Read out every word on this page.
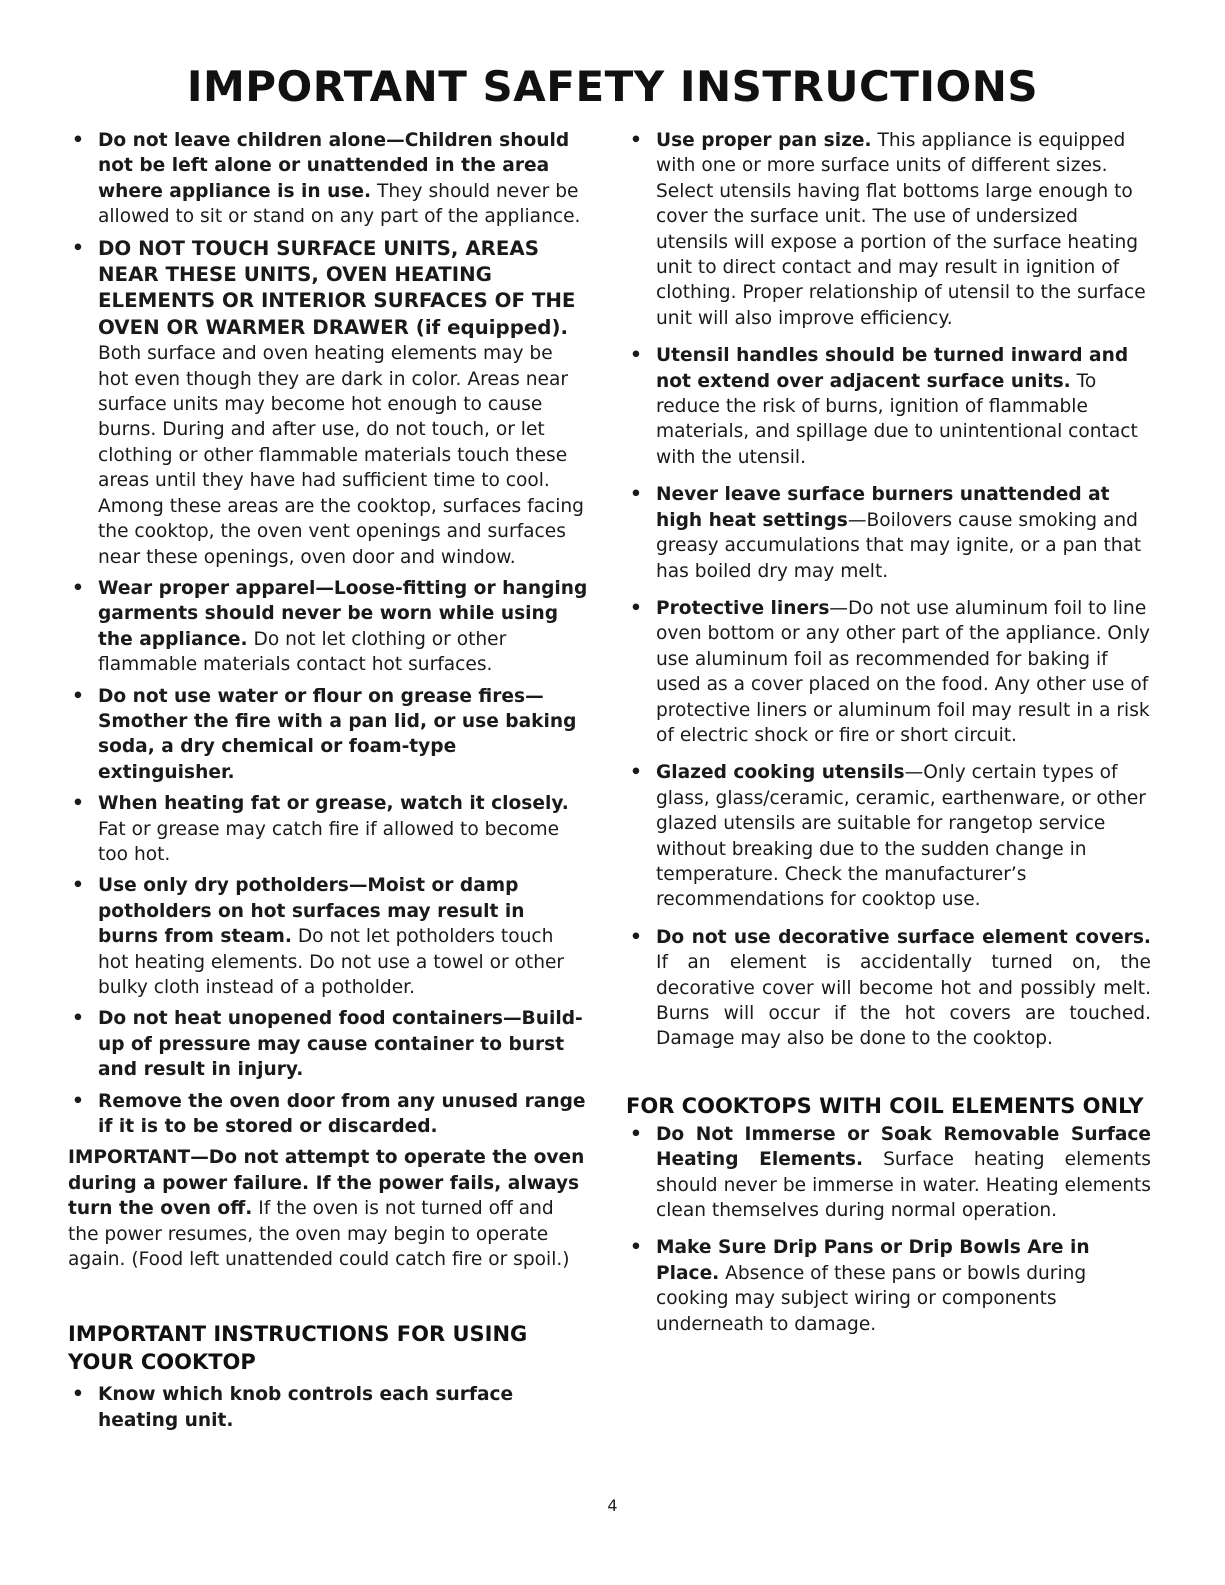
IMPORTANT SAFETY INSTRUCTIONS
• Do not leave children alone—Children should not be left alone or unattended in the area where appliance is in use. They should never be allowed to sit or stand on any part of the appliance.
• DO NOT TOUCH SURFACE UNITS, AREAS NEAR THESE UNITS, OVEN HEATING ELEMENTS OR INTERIOR SURFACES OF THE OVEN OR WARMER DRAWER (if equipped). Both surface and oven heating elements may be hot even though they are dark in color. Areas near surface units may become hot enough to cause burns. During and after use, do not touch, or let clothing or other flammable materials touch these areas until they have had sufficient time to cool. Among these areas are the cooktop, surfaces facing the cooktop, the oven vent openings and surfaces near these openings, oven door and window.
• Wear proper apparel—Loose-fitting or hanging garments should never be worn while using the appliance. Do not let clothing or other flammable materials contact hot surfaces.
• Do not use water or flour on grease fires—Smother the fire with a pan lid, or use baking soda, a dry chemical or foam-type extinguisher.
• When heating fat or grease, watch it closely. Fat or grease may catch fire if allowed to become too hot.
• Use only dry potholders—Moist or damp potholders on hot surfaces may result in burns from steam. Do not let potholders touch hot heating elements. Do not use a towel or other bulky cloth instead of a potholder.
• Do not heat unopened food containers—Build-up of pressure may cause container to burst and result in injury.
• Remove the oven door from any unused range if it is to be stored or discarded.

IMPORTANT—Do not attempt to operate the oven during a power failure. If the power fails, always turn the oven off. If the oven is not turned off and the power resumes, the oven may begin to operate again. (Food left unattended could catch fire or spoil.)

IMPORTANT INSTRUCTIONS FOR USING YOUR COOKTOP
• Know which knob controls each surface heating unit.
• Use proper pan size. This appliance is equipped with one or more surface units of different sizes. Select utensils having flat bottoms large enough to cover the surface unit. The use of undersized utensils will expose a portion of the surface heating unit to direct contact and may result in ignition of clothing. Proper relationship of utensil to the surface unit will also improve efficiency.
• Utensil handles should be turned inward and not extend over adjacent surface units. To reduce the risk of burns, ignition of flammable materials, and spillage due to unintentional contact with the utensil.
• Never leave surface burners unattended at high heat settings—Boilovers cause smoking and greasy accumulations that may ignite, or a pan that has boiled dry may melt.
• Protective liners—Do not use aluminum foil to line oven bottom or any other part of the appliance. Only use aluminum foil as recommended for baking if used as a cover placed on the food. Any other use of protective liners or aluminum foil may result in a risk of electric shock or fire or short circuit.
• Glazed cooking utensils—Only certain types of glass, glass/ceramic, ceramic, earthenware, or other glazed utensils are suitable for rangetop service without breaking due to the sudden change in temperature. Check the manufacturer’s recommendations for cooktop use.
• Do not use decorative surface element covers. If an element is accidentally turned on, the decorative cover will become hot and possibly melt. Burns will occur if the hot covers are touched. Damage may also be done to the cooktop.
FOR COOKTOPS WITH COIL ELEMENTS ONLY
• Do Not Immerse or Soak Removable Surface Heating Elements. Surface heating elements should never be immerse in water. Heating elements clean themselves during normal operation.
• Make Sure Drip Pans or Drip Bowls Are in Place. Absence of these pans or bowls during cooking may subject wiring or components underneath to damage.
4
